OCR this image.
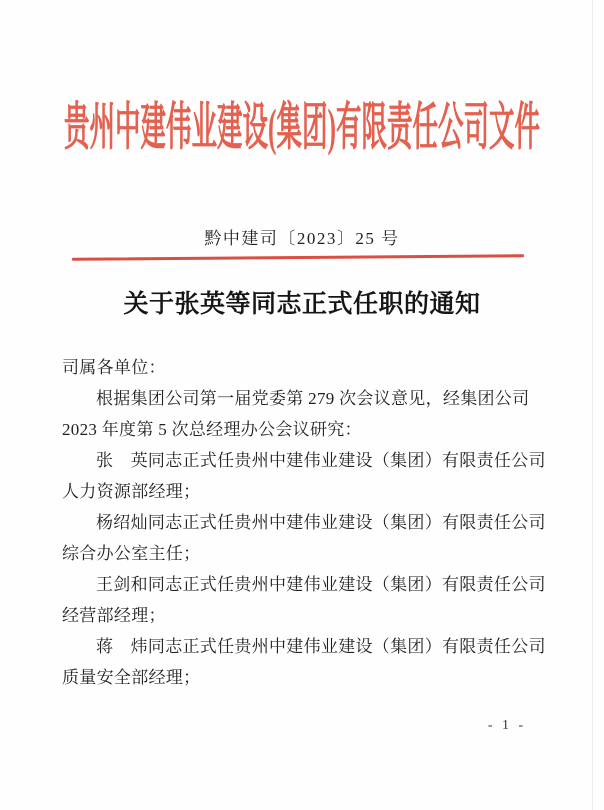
贵州中建伟业建设(集团)有限责任公司文件
黔中建司〔2023〕25 号
关于张英等同志正式任职的通知
司属各单位：
根据集团公司第一届党委第 279 次会议意见，经集团公司
2023 年度第 5 次总经理办公会议研究：
张　英同志正式任贵州中建伟业建设（集团）有限责任公司
人力资源部经理；
杨绍灿同志正式任贵州中建伟业建设（集团）有限责任公司
综合办公室主任；
王剑和同志正式任贵州中建伟业建设（集团）有限责任公司
经营部经理；
蒋　炜同志正式任贵州中建伟业建设（集团）有限责任公司
质量安全部经理；
- 1 -
